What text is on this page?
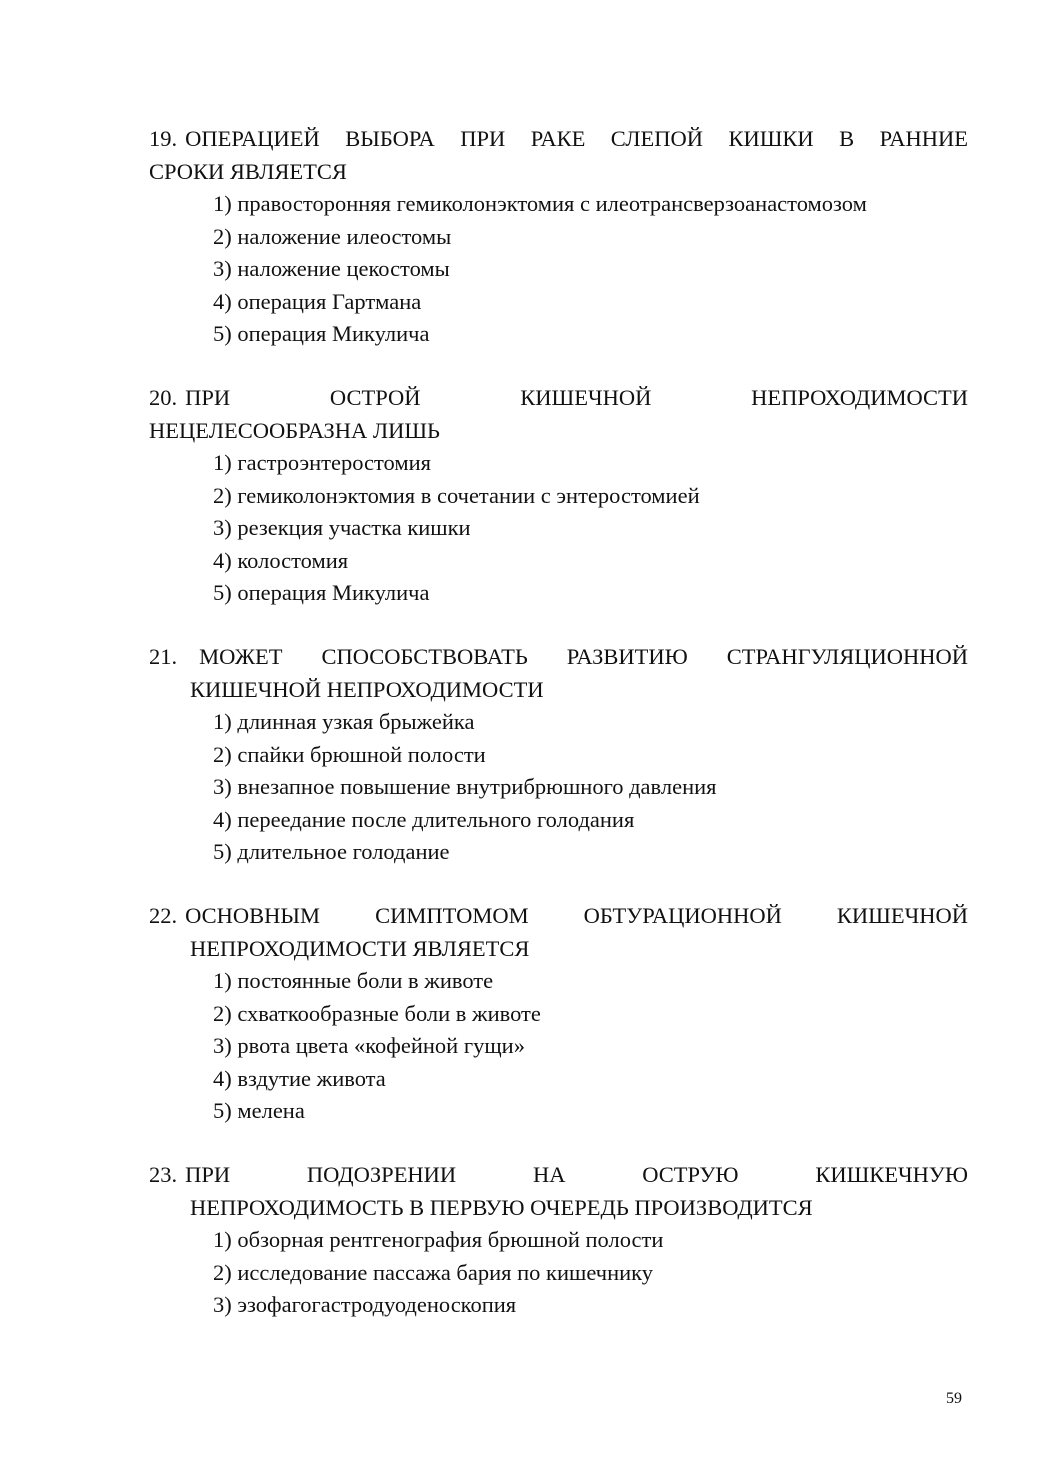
19. ОПЕРАЦИЕЙ ВЫБОРА ПРИ РАКЕ СЛЕПОЙ КИШКИ В РАННИЕ
СРОКИ ЯВЛЯЕТСЯ
1) правосторонняя гемиколонэктомия с илеотрансверзоанастомозом
2) наложение илеостомы
3) наложение цекостомы
4) операция Гартмана
5) операция Микулича
20. ПРИ ОСТРОЙ КИШЕЧНОЙ НЕПРОХОДИМОСТИ
НЕЦЕЛЕСООБРАЗНА ЛИШЬ
1) гастроэнтеростомия
2) гемиколонэктомия в сочетании с энтеростомией
3) резекция участка кишки
4) колостомия
5) операция Микулича
21. МОЖЕТ СПОСОБСТВОВАТЬ РАЗВИТИЮ СТРАНГУЛЯЦИОННОЙ
КИШЕЧНОЙ НЕПРОХОДИМОСТИ
1) длинная узкая брыжейка
2) спайки брюшной полости
3) внезапное повышение внутрибрюшного давления
4) переедание после длительного голодания
5) длительное голодание
22. ОСНОВНЫМ СИМПТОМОМ ОБТУРАЦИОННОЙ КИШЕЧНОЙ
НЕПРОХОДИМОСТИ ЯВЛЯЕТСЯ
1) постоянные боли в животе
2) схваткообразные боли в животе
3) рвота цвета «кофейной гущи»
4) вздутие живота
5) мелена
23. ПРИ ПОДОЗРЕНИИ НА ОСТРУЮ КИШКЕЧНУЮ
НЕПРОХОДИМОСТЬ В ПЕРВУЮ ОЧЕРЕДЬ ПРОИЗВОДИТСЯ
1) обзорная рентгенография брюшной полости
2) исследование пассажа бария по кишечнику
3) эзофагогастродуоденоскопия
59
